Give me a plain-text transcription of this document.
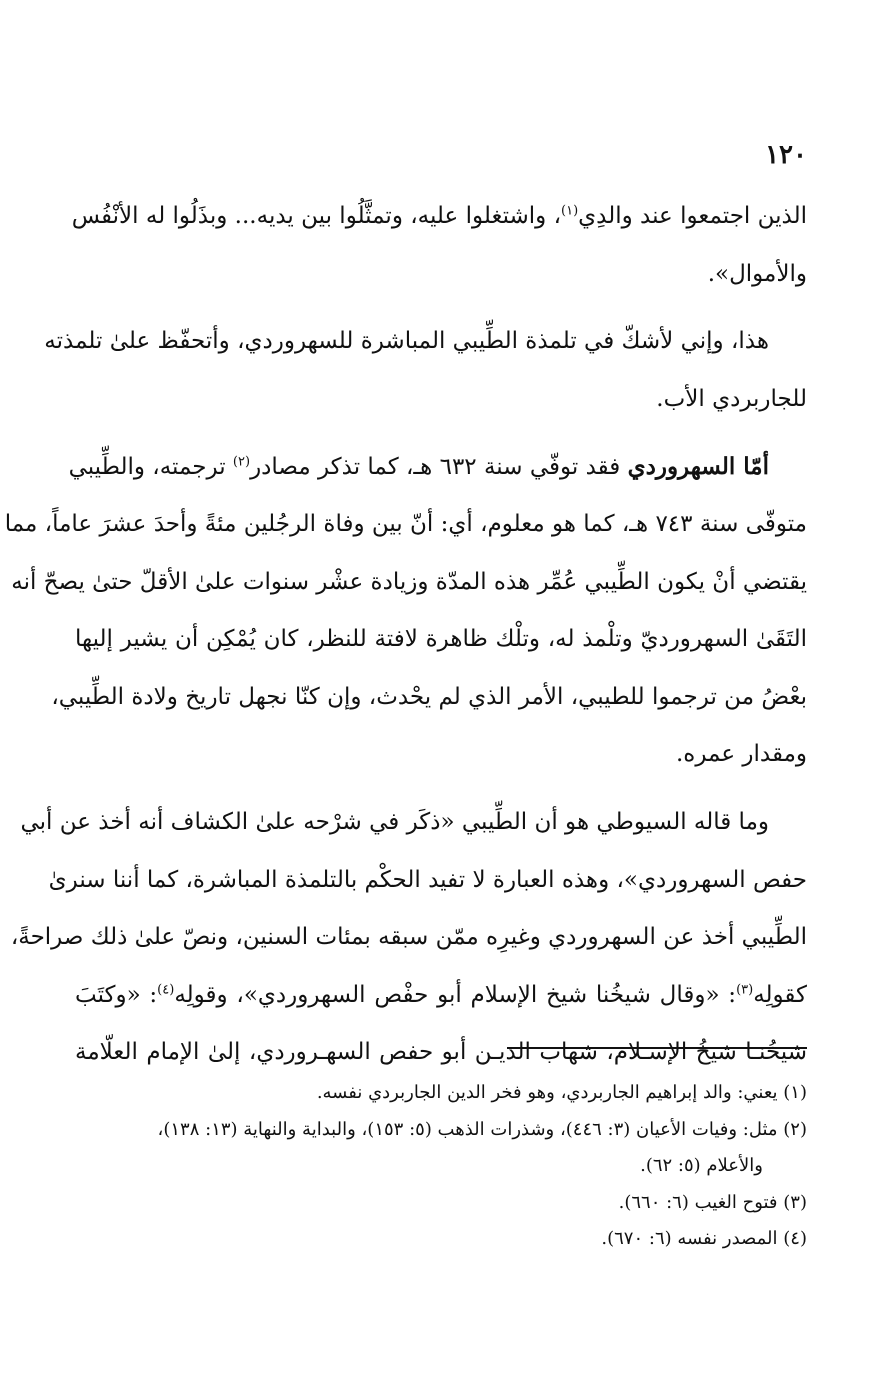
١٢٠
الذين اجتمعوا عند والدِي$^{(١)}$، واشتغلوا عليه، وتمثَّلُوا بين يديه... وبذَلُوا له الأنْفُس
والأموال».
هذا، وإني لأشكّ في تلمذة الطِّيبي المباشرة للسهروردي، وأتحفّظ علىٰ تلمذته
للجاربردي الأب.
أمّا السهروردي فقد توفّي سنة ٦٣٢ هـ، كما تذكر مصادر$^{(٢)}$ ترجمته، والطِّيبي
متوفّى سنة ٧٤٣ هـ، كما هو معلوم، أي: أنّ بين وفاة الرجُلين مئةً وأحدَ عشرَ عاماً، مما
يقتضي أنْ يكون الطِّيبي عُمِّر هذه المدّة وزيادة عشْر سنوات علىٰ الأقلّ حتىٰ يصحّ أنه
التَقَىٰ السهرورديّ وتلْمذ له، وتلْك ظاهرة لافتة للنظر، كان يُمْكِن أن يشير إليها
بعْضُ من ترجموا للطيبي، الأمر الذي لم يحْدث، وإن كنّا نجهل تاريخ ولادة الطِّيبي،
ومقدار عمره.
وما قاله السيوطي هو أن الطِّيبي «ذكَر في شرْحه علىٰ الكشاف أنه أخذ عن أبي
حفص السهروردي»، وهذه العبارة لا تفيد الحكْم بالتلمذة المباشرة، كما أننا سنرىٰ
الطِّيبي أخذ عن السهروردي وغيرِه ممّن سبقه بمئات السنين، ونصّ علىٰ ذلك صراحةً،
كقولِه$^{(٣)}$: «وقال شيخُنا شيخ الإسلام أبو حفْص السهروردي»، وقولِه$^{(٤)}$: «وكتَبَ
شيخُنـا شيخُ الإسـلام، شهاب الديـن أبو حفص السهـروردي، إلىٰ الإمام العلّامة
(١) يعني: والد إبراهيم الجاربردي، وهو فخر الدين الجاربردي نفسه.
(٢) مثل: وفيات الأعيان (٣: ٤٤٦)، وشذرات الذهب (٥: ١٥٣)، والبداية والنهاية (١٣: ١٣٨)،
والأعلام (٥: ٦٢).
(٣) فتوح الغيب (٦: ٦٦٠).
(٤) المصدر نفسه (٦: ٦٧٠).
